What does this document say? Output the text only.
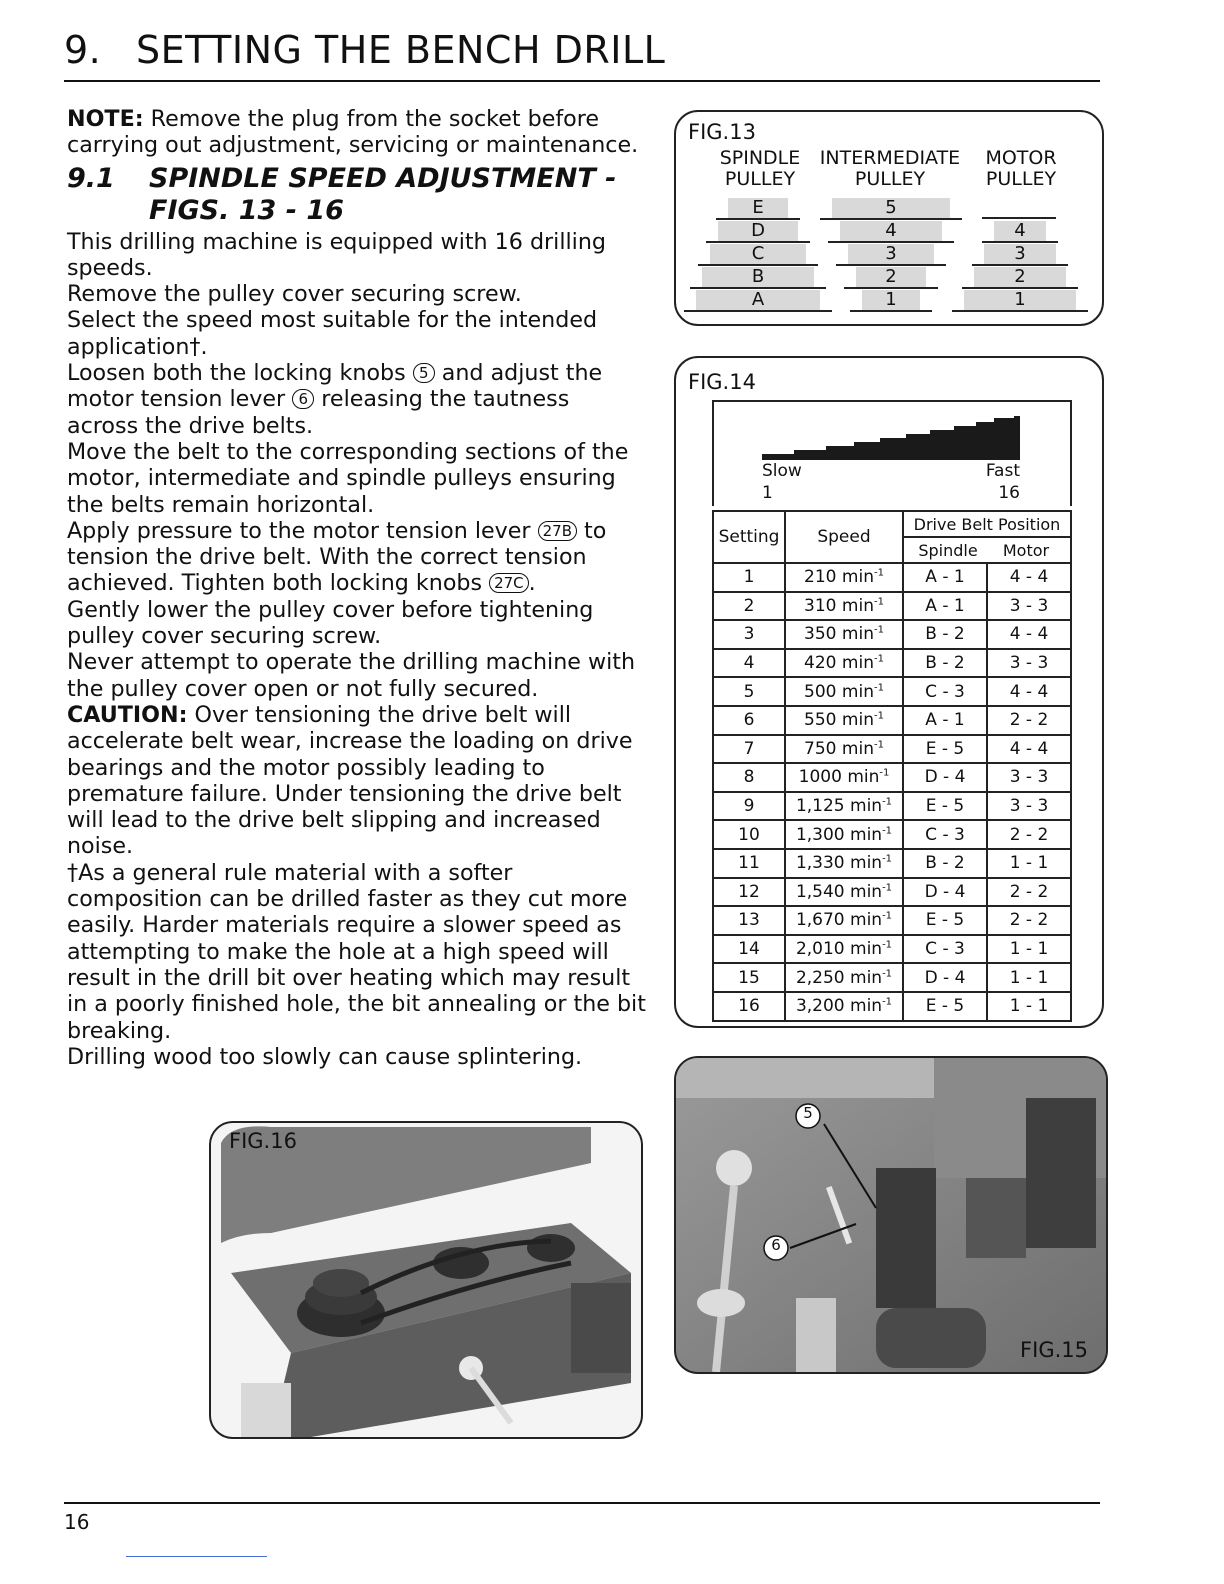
9. SETTING THE BENCH DRILL

NOTE: Remove the plug from the socket before carrying out adjustment, servicing or maintenance.

9.1	SPINDLE SPEED ADJUSTMENT -
FIGS. 13 - 16

This drilling machine is equipped with 16 drilling speeds.

Remove the pulley cover securing screw.

Select the speed most suitable for the intended application†.

Loosen both the locking knobs 5 and adjust the motor tension lever 6 releasing the tautness across the drive belts.

Move the belt to the corresponding sections of the motor, intermediate and spindle pulleys ensuring the belts remain horizontal.

Apply pressure to the motor tension lever 27B to tension the drive belt. With the correct tension achieved. Tighten both locking knobs 27C .

Gently lower the pulley cover before tightening pulley cover securing screw.

Never attempt to operate the drilling machine with the pulley cover open or not fully secured.

CAUTION: Over tensioning the drive belt will accelerate belt wear, increase the loading on drive bearings and the motor possibly leading to premature failure. Under tensioning the drive belt will lead to the drive belt slipping and increased noise.

†As a general rule material with a softer composition can be drilled faster as they cut more easily. Harder materials require a slower speed as attempting to make the hole at a high speed will result in the drill bit over heating which may result in a poorly finished hole, the bit annealing or the bit breaking.

Drilling wood too slowly can cause splintering.

FIG.13
SPINDLE
PULLEY
INTERMEDIATE
PULLEY
MOTOR
PULLEY
E
D
C
B
A
5
4
3
2
1
4
3
2
1
FIG.14
Slow
1
Fast
16
Setting	Speed	Drive Belt Position	
		Spindle Motor	
1	210 $\min^{-1}$	A - 1	4 - 4
2	310 $\min^{-1}$	A - 1	3 - 3
3	350 $\min^{-1}$	B - 2	4 - 4
4	420 $\min^{-1}$	B - 2	3 - 3
5	500 $\min^{-1}$	C - 3	4 - 4
6	550 $\min^{-1}$	A - 1	2 - 2
7	750 $\min^{-1}$	E - 5	4 - 4
8	1000 $\min^{-1}$	D - 4	3 - 3
9	1,125 $\min^{-1}$	E - 5	3 - 3
10	1,300 $\min^{-1}$	C - 3	2 - 2
11	1,330 $\min^{-1}$	B - 2	1 - 1
12	1,540 $\min^{-1}$	D - 4	2 - 2
13	1,670 $\min^{-1}$	E - 5	2 - 2
14	2,010 $\min^{-1}$	C - 3	1 - 1
15	2,250 $\min^{-1}$	D - 4	1 - 1
16	3,200 $\min^{-1}$	E - 5	1 - 1
5
6
FIG.15
FIG.16
16
